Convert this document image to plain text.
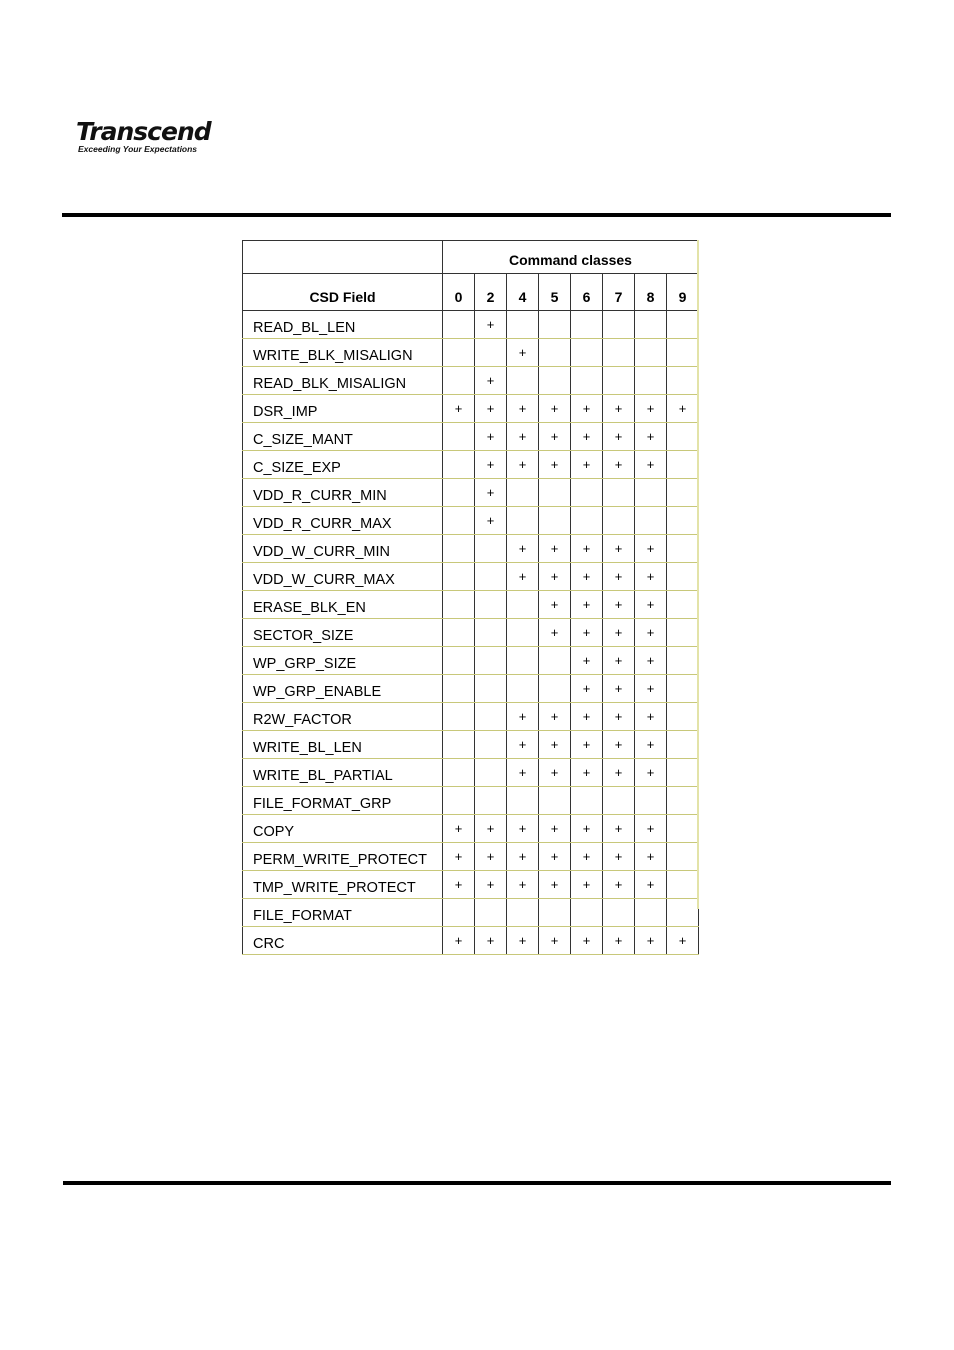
Transcend
Exceeding Your Expectations
	Command classes							
CSD Field	0	2	4	5	6	7	8	9
READ_BL_LEN		+						
WRITE_BLK_MISALIGN			+					
READ_BLK_MISALIGN		+						
DSR_IMP	+	+	+	+	+	+	+	+
C_SIZE_MANT		+	+	+	+	+	+	
C_SIZE_EXP		+	+	+	+	+	+	
VDD_R_CURR_MIN		+						
VDD_R_CURR_MAX		+						
VDD_W_CURR_MIN			+	+	+	+	+	
VDD_W_CURR_MAX			+	+	+	+	+	
ERASE_BLK_EN				+	+	+	+	
SECTOR_SIZE				+	+	+	+	
WP_GRP_SIZE					+	+	+	
WP_GRP_ENABLE					+	+	+	
R2W_FACTOR			+	+	+	+	+	
WRITE_BL_LEN			+	+	+	+	+	
WRITE_BL_PARTIAL			+	+	+	+	+	
FILE_FORMAT_GRP								
COPY	+	+	+	+	+	+	+	
PERM_WRITE_PROTECT	+	+	+	+	+	+	+	
TMP_WRITE_PROTECT	+	+	+	+	+	+	+	
FILE_FORMAT								
CRC	+	+	+	+	+	+	+	+
